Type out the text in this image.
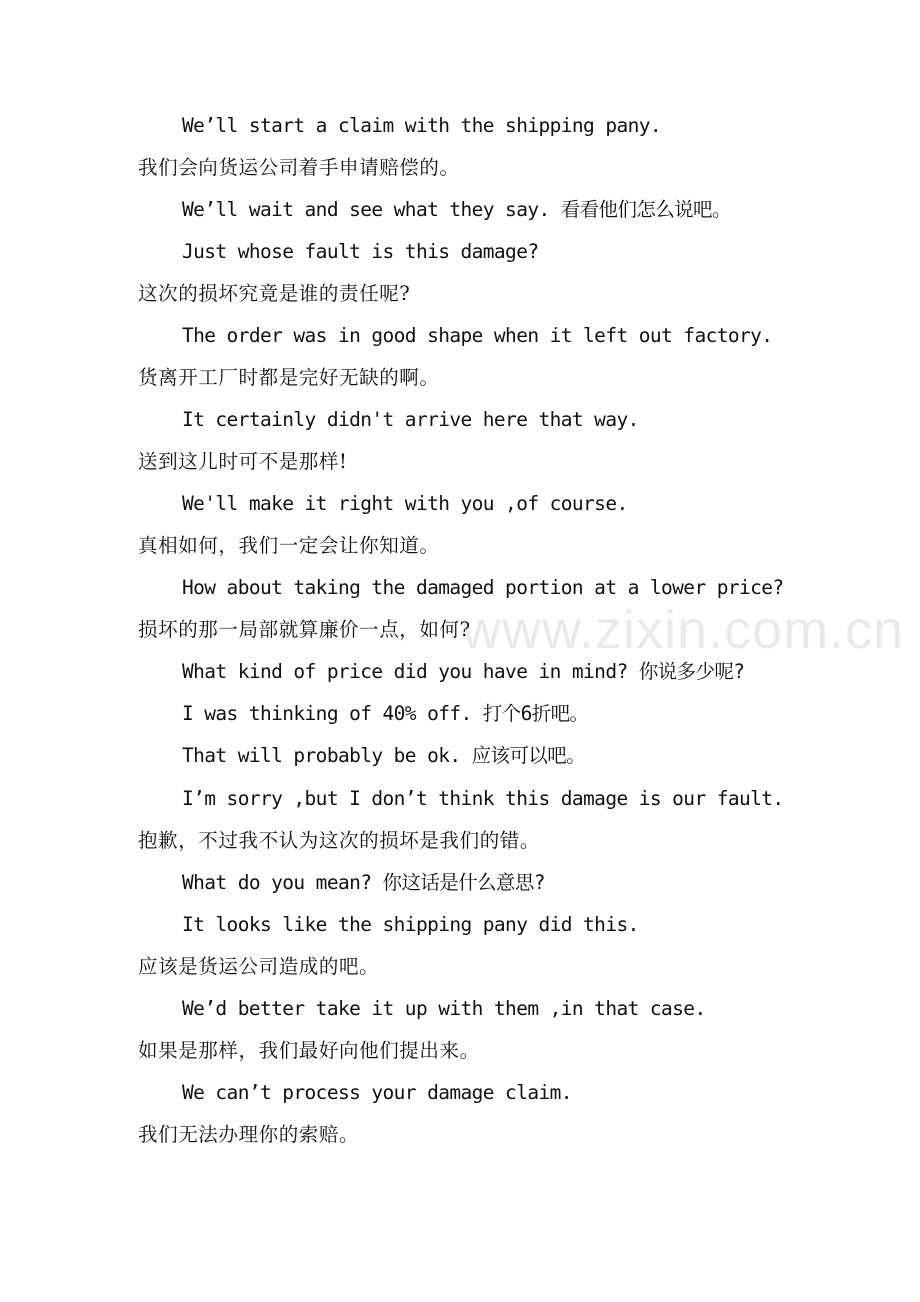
We’ll start a claim with the shipping pany.
我们会向货运公司着手申请赔偿的。
We’ll wait and see what they say. 看看他们怎么说吧。
Just whose fault is this damage?
这次的损坏究竟是谁的责任呢?
The order was in good shape when it left out factory.
货离开工厂时都是完好无缺的啊。
It certainly didn't arrive here that way.
送到这儿时可不是那样!
We'll make it right with you ,of course.
真相如何，我们一定会让你知道。
How about taking the damaged portion at a lower price?
损坏的那一局部就算廉价一点，如何?
What kind of price did you have in mind? 你说多少呢?
I was thinking of 40% off. 打个6折吧。
That will probably be ok. 应该可以吧。
I’m sorry ,but I don’t think this damage is our fault.
抱歉，不过我不认为这次的损坏是我们的错。
What do you mean? 你这话是什么意思?
It looks like the shipping pany did this.
应该是货运公司造成的吧。
We’d better take it up with them ,in that case.
如果是那样，我们最好向他们提出来。
We can’t process your damage claim.
我们无法办理你的索赔。
www.zixin.com.cn
